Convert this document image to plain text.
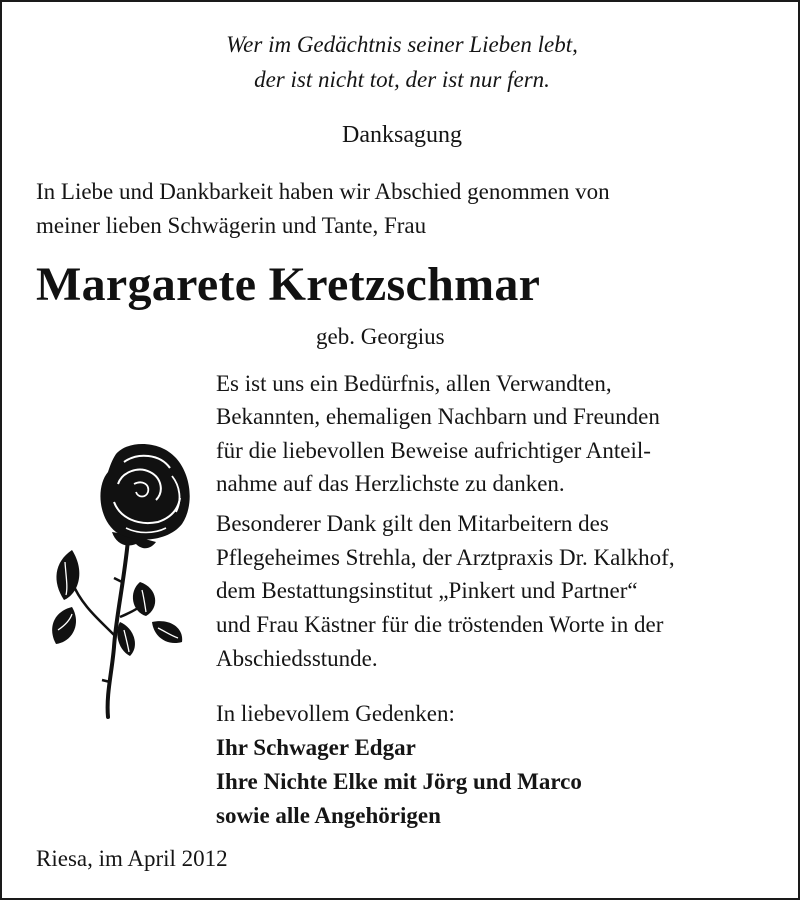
Wer im Gedächtnis seiner Lieben lebt,
der ist nicht tot, der ist nur fern.
Danksagung
In Liebe und Dankbarkeit haben wir Abschied genommen von
meiner lieben Schwägerin und Tante, Frau
Margarete Kretzschmar
geb. Georgius
Es ist uns ein Bedürfnis, allen Verwandten,
Bekannten, ehemaligen Nachbarn und Freunden
für die liebevollen Beweise aufrichtiger Anteil-
nahme auf das Herzlichste zu danken.
Besonderer Dank gilt den Mitarbeitern des
Pflegeheimes Strehla, der Arztpraxis Dr. Kalkhof,
dem Bestattungsinstitut „Pinkert und Partner“
und Frau Kästner für die tröstenden Worte in der
Abschiedsstunde.
In liebevollem Gedenken:
Ihr Schwager Edgar
Ihre Nichte Elke mit Jörg und Marco
sowie alle Angehörigen
Riesa, im April 2012
